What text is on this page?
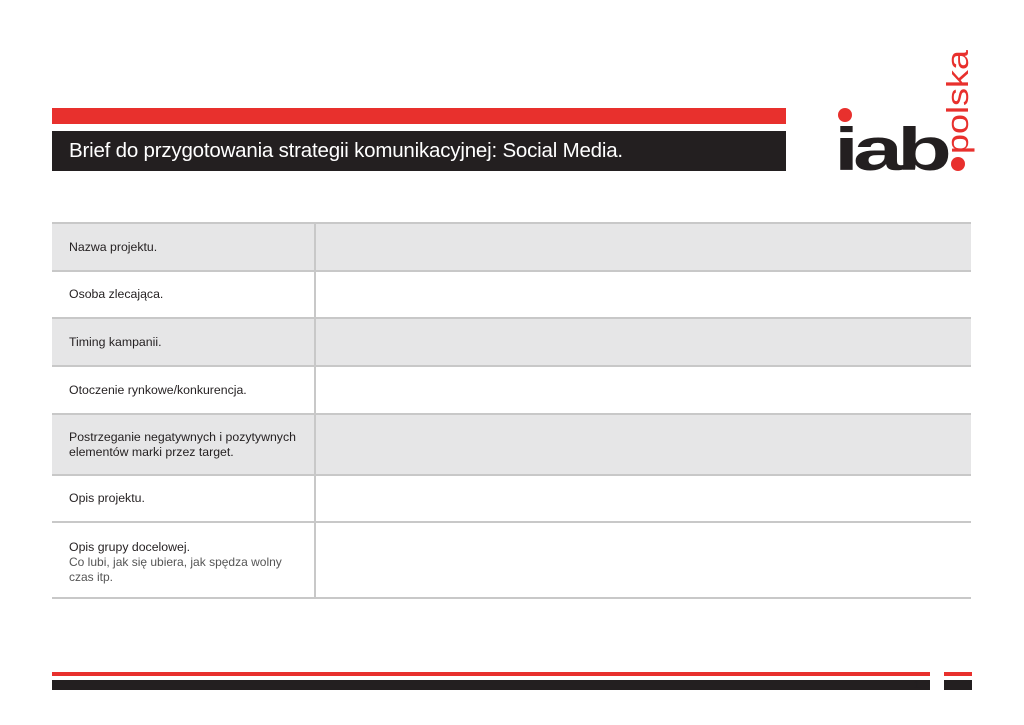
Brief do przygotowania strategii komunikacyjnej: Social Media.	iab
polska
Nazwa projektu.
Osoba zlecająca.
Timing kampanii.
Otoczenie rynkowe/konkurencja.
Postrzeganie negatywnych i pozytywnych elementów marki przez target.
Opis projektu.
Opis grupy docelowej.
Co lubi, jak się ubiera, jak spędza wolny czas itp.
1.
